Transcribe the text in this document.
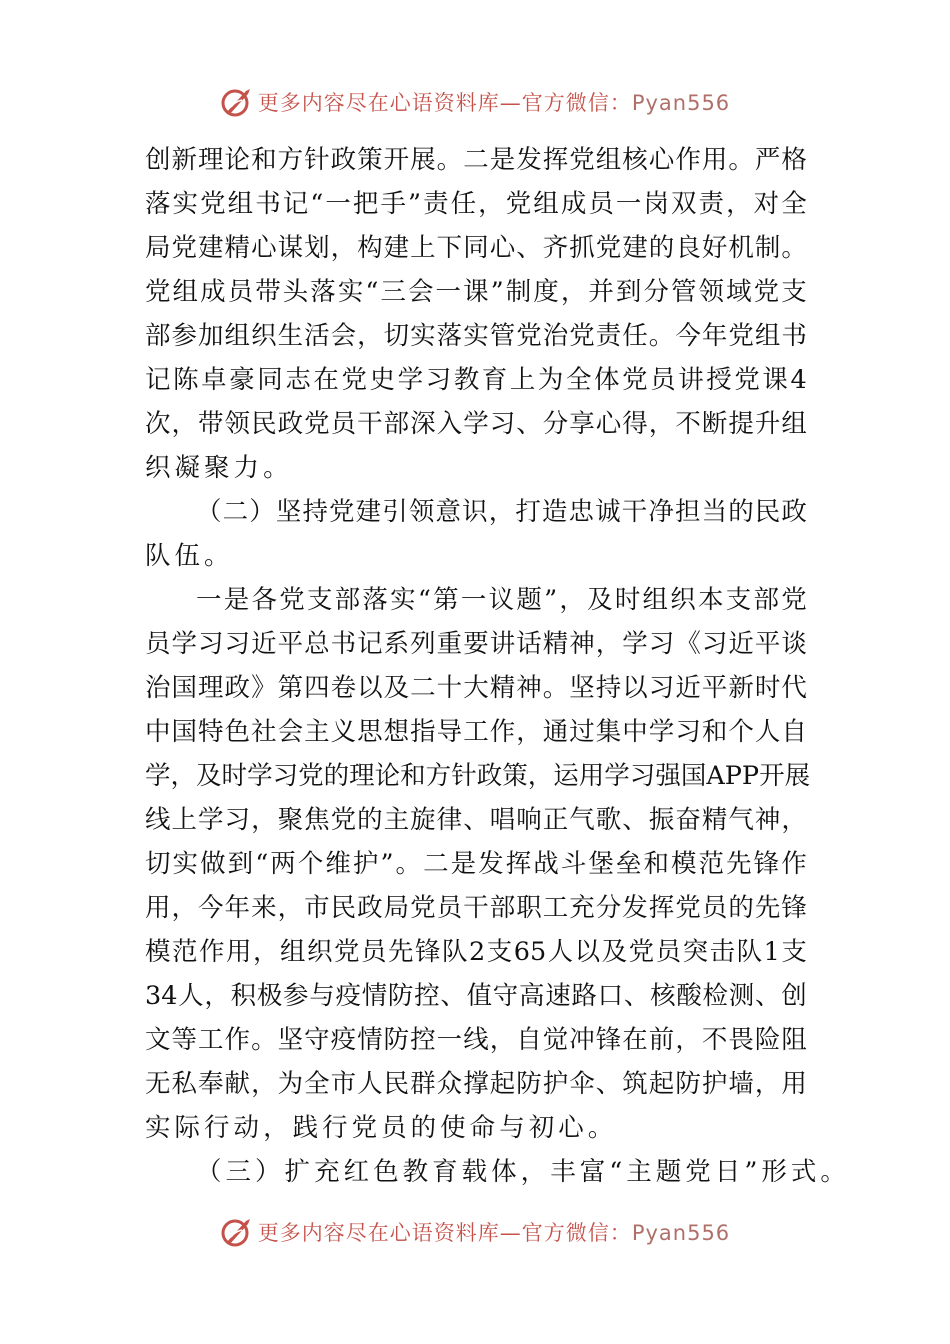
更多内容尽在心语资料库—官方微信：Pyan556
创 新 理 论 和 方 针 政 策 开 展 。 二 是 发 挥 党 组 核 心 作 用 。 严 格
落 实 党 组 书 记 “ 一 把 手 ” 责 任 ， 党 组 成 员 一 岗 双 责 ， 对 全
局 党 建 精 心 谋 划 ， 构 建 上 下 同 心 、 齐 抓 党 建 的 良 好 机 制 。
党 组 成 员 带 头 落 实 “ 三 会 一 课 ” 制 度 ， 并 到 分 管 领 域 党 支
部 参 加 组 织 生 活 会 ， 切 实 落 实 管 党 治 党 责 任 。 今 年 党 组 书
记 陈 卓 豪 同 志 在 党 史 学 习 教 育 上 为 全 体 党 员 讲 授 党 课 4
次 ， 带 领 民 政 党 员 干 部 深 入 学 习 、 分 享 心 得 ， 不 断 提 升 组
织 凝 聚 力 。
（ 二 ） 坚 持 党 建 引 领 意 识 ， 打 造 忠 诚 干 净 担 当 的 民 政
队 伍 。
一 是 各 党 支 部 落 实 “ 第 一 议 题 ” ， 及 时 组 织 本 支 部 党
员 学 习 习 近 平 总 书 记 系 列 重 要 讲 话 精 神 ， 学 习 《 习 近 平 谈
治 国 理 政 》 第 四 卷 以 及 二 十 大 精 神 。 坚 持 以 习 近 平 新 时 代
中 国 特 色 社 会 主 义 思 想 指 导 工 作 ， 通 过 集 中 学 习 和 个 人 自
学 ， 及 时 学 习 党 的 理 论 和 方 针 政 策 ， 运 用 学 习 强 国 APP 开 展
线 上 学 习 ， 聚 焦 党 的 主 旋 律 、 唱 响 正 气 歌 、 振 奋 精 气 神 ，
切 实 做 到 “ 两 个 维 护 ” 。 二 是 发 挥 战 斗 堡 垒 和 模 范 先 锋 作
用 ， 今 年 来 ， 市 民 政 局 党 员 干 部 职 工 充 分 发 挥 党 员 的 先 锋
模 范 作 用 ， 组 织 党 员 先 锋 队 2 支 65 人 以 及 党 员 突 击 队 1 支
34 人 ， 积 极 参 与 疫 情 防 控 、 值 守 高 速 路 口 、 核 酸 检 测 、 创
文 等 工 作 。 坚 守 疫 情 防 控 一 线 ， 自 觉 冲 锋 在 前 ， 不 畏 险 阻
无 私 奉 献 ， 为 全 市 人 民 群 众 撑 起 防 护 伞 、 筑 起 防 护 墙 ， 用
实 际 行 动 ， 践 行 党 员 的 使 命 与 初 心 。
（ 三 ） 扩 充 红 色 教 育 载 体 ， 丰 富 “ 主 题 党 日 ” 形 式 。
更多内容尽在心语资料库—官方微信：Pyan556
